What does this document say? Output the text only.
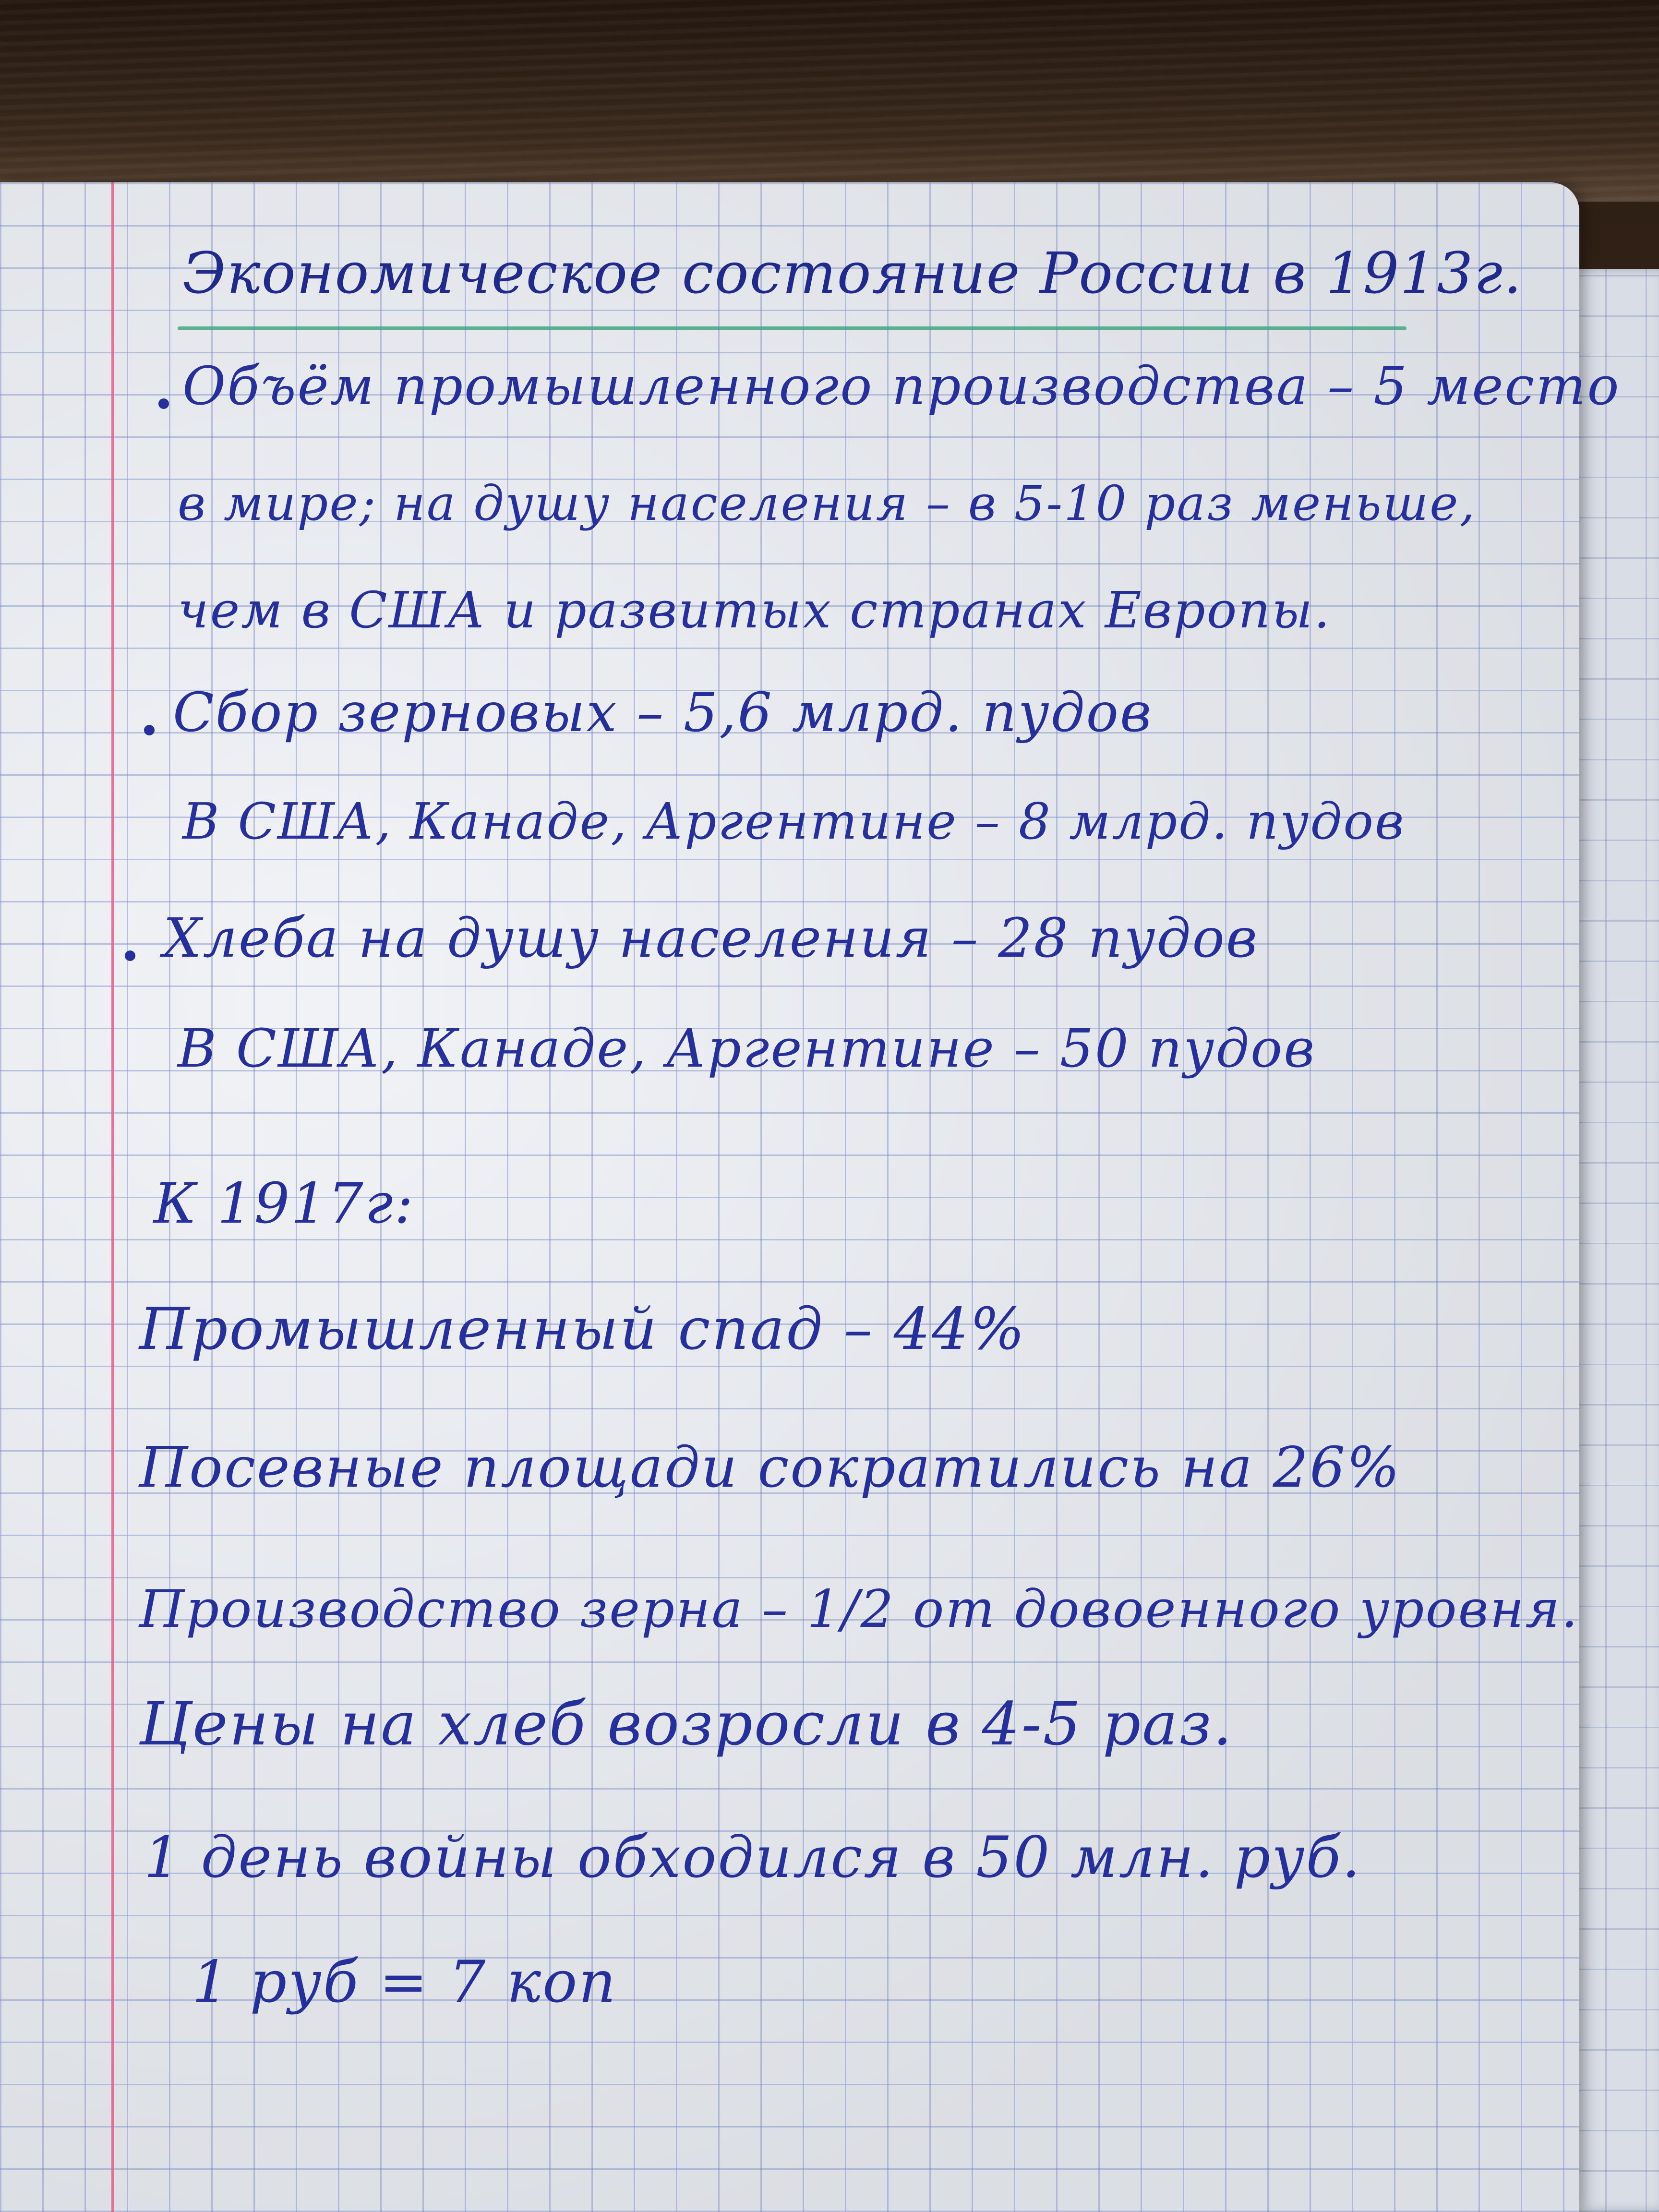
Экономическое состояние России в 1913г.
Объём промышленного производства – 5 место
в мире; на душу населения – в 5-10 раз меньше,
чем в США и развитых странах Европы.
Сбор зерновых – 5,6 млрд. пудов
В США, Канаде, Аргентине – 8 млрд. пудов
Хлеба на душу населения – 28 пудов
В США, Канаде, Аргентине – 50 пудов
К 1917г:
Промышленный спад – 44%
Посевные площади сократились на 26%
Производство зерна – 1/2 от довоенного уровня.
Цены на хлеб возросли в 4-5 раз.
1 день войны обходился в 50 млн. руб.
1 руб = 7 коп
